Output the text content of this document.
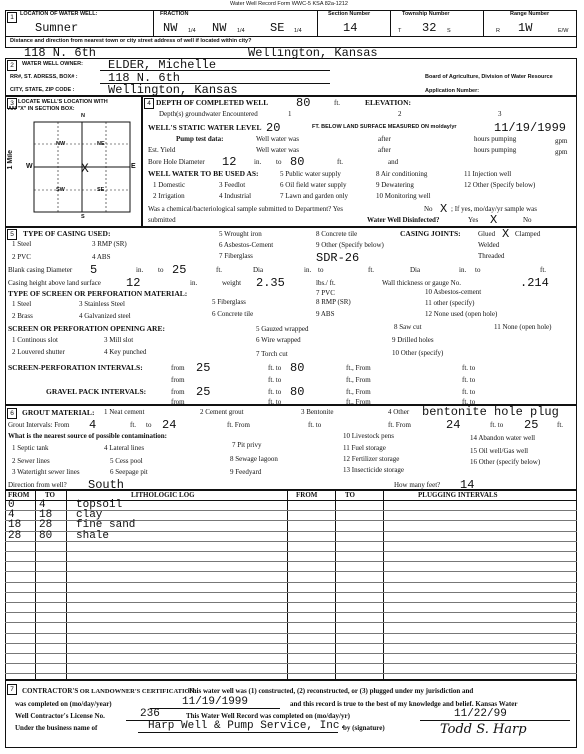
Water Well Record Form WWC-5 KSA 82a-1212
1	LOCATION OF WATER WELL:
Sumner
FRACTION
NW 1/4 NW 1/4 SE 1/4
Section Number
14
Township Number
T 32 S
Range Number
R 1W	E/W
Distance and direction from nearest town or city street address of well if located within city?
118 N. 6th	Wellington, Kansas
2	WATER WELL OWNER: ELDER, Michelle
RR#, ST. ADRESS, BOX# :	118 N. 6th	Board of Agriculture, Division of Water Resource
CITY, STATE, ZIP CODE :	Wellington, Kansas	Application Number:
3 LOCATE WELL'S LOCATION WITH
AN "X" IN SECTION BOX:
N
S
W	E
1 Mile
NW	NE
SW	SE
X
4 DEPTH OF COMPLETED WELL 80	ft.	ELEVATION:
Depth(s) groundwater Encountered	1	2	3
WELL'S STATIC WATER LEVEL 20	FT. BELOW LAND SURFACE MEASURED ON mo/day/yr	11/19/1999
Pump test data:	Well water was	after	hours pumping	gpm
Est. Yield	Well water was	after	hours pumping	gpm
Bore Hole Diameter 12	in. to 80	ft.	and
WELL WATER TO BE USED AS:
1 Domestic
2 Irrigation
3 Feedlot
4 Industrial
5 Public water supply
6 Oil field water supply
7 Lawn and garden only
8 Air conditioning
9 Dewatering
10 Monitoring well
11 Injection well
12 Other (Specify below)
Was a chemical/bacteriological sample submitted to Department? Yes	No X ; If yes, mo/day/yr sample was
submitted	Water Well Disinfected?	Yes X	No
5	TYPE OF CASING USED:
1 Steel
2 PVC
3 RMP (SR)
4 ABS
5 Wrought iron
6 Asbestos-Cement
7 Fiberglass
8 Concrete tile
9 Other (Specify below)
SDR-26
CASING JOINTS: Glued X Clamped
Welded
Threaded
Blank casing Diameter 5	in. to 25	ft.	Dia	in. to	ft.	Dia	in. to	ft.
Casing height above land surface 12	in.	weight 2.35	lbs./ ft.	Wall thickness or gauge No.	.214
TYPE OF SCREEN OR PERFORATION MATERIAL:
1 Steel
2 Brass
3 Stainless Steel
4 Galvanized steel
5 Fiberglass
6 Concrete tile
7 PVC
8 RMP (SR)
9 ABS
10 Asbestos-cement
11 other (specify)
12 None used (open hole)
SCREEN OR PERFORATION OPENING ARE:
1 Continous slot
2 Louvered shutter
3 Mill slot
4 Key punched
5 Gauzed wrapped
6 Wire wrapped
7 Torch cut
8 Saw cut
9 Drilled holes
10 Other (specify)
11 None (open hole)
SCREEN-PERFORATION INTERVALS:	from 25	ft. to 80	ft., From	ft. to
from	ft. to	ft., From	ft. to
GRAVEL PACK INTERVALS:	from 25	ft. to 80	ft., From	ft. to
from	ft. to	ft., From	ft. to
6	GROUT MATERIAL: 1 Neat cement	2 Cement grout	3 Bentonite	4 Other bentonite hole plug
Grout Intervals: From 4	ft. to 24	ft. From	ft. to	ft. From	24	ft. to 25	ft.
What is the nearest source of possible contamination:
1 Septic tank
2 Sewer lines
3 Watertight sewer lines
4 Lateral lines
5 Cess pool
6 Seepage pit
7 Pit privy
8 Sewage lagoon
9 Feedyard
10 Livestock pens
11 Fuel storage
12 Fertilizer storage
13 Insecticide storage
14 Abandon water well
15 Oil well/Gas well
16 Other (specify below)
Direction from well? South	How many feet? 14
FROM TO	LITHOLOGIC LOG	FROM	TO	PLUGGING INTERVALS
0 4	topsoil
4 18 clay
18 28 fine sand
28 80 shale
7	CONTRACTOR'S OR LANDOWNER'S CERTIFICATION:
This water well was (1) constructed, (2) reconstructed, or (3) plugged under my jurisdiction and
was completed on (mo/day/year)	11/19/1999	and this record is true to the best of my knowledge and belief. Kansas Water
Well Contractor's License No.	236	This Water Well Record was completed on (mo/day/yr)	11/22/99
Under the business name of	Harp Well & Pump Service, Inc.
by (signature)	Todd S. Harp
